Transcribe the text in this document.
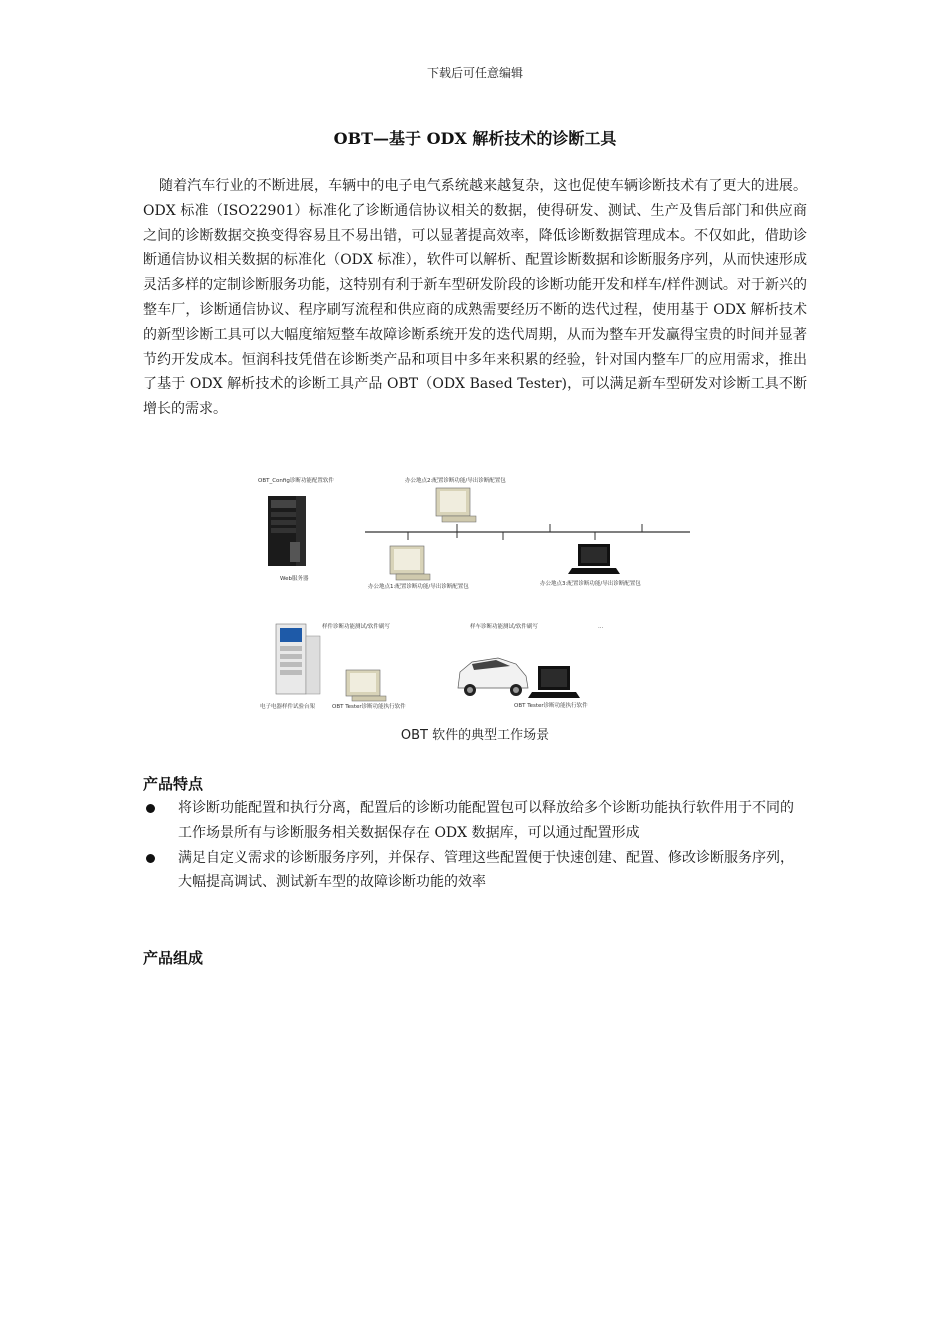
下载后可任意编辑
OBT—基于 ODX 解析技术的诊断工具

随着汽车行业的不断进展，车辆中的电子电气系统越来越复杂，这也促使车辆诊断技术有了更大的进展。ODX 标准（ISO22901）标准化了诊断通信协议相关的数据，使得研发、测试、生产及售后部门和供应商之间的诊断数据交换变得容易且不易出错，可以显著提高效率，降低诊断数据管理成本。不仅如此，借助诊断通信协议相关数据的标准化（ODX 标准），软件可以解析、配置诊断数据和诊断服务序列，从而快速形成灵活多样的定制诊断服务功能，这特别有利于新车型研发阶段的诊断功能开发和样车/样件测试。对于新兴的整车厂，诊断通信协议、程序刷写流程和供应商的成熟需要经历不断的迭代过程，使用基于 ODX 解析技术的新型诊断工具可以大幅度缩短整车故障诊断系统开发的迭代周期，从而为整车开发赢得宝贵的时间并显著节约开发成本。恒润科技凭借在诊断类产品和项目中多年来积累的经验，针对国内整车厂的应用需求，推出了基于 ODX 解析技术的诊断工具产品 OBT（ODX Based Tester)，可以满足新车型研发对诊断工具不断增长的需求。

OBT_Config诊断功能配置软件
Web服务器
办公地点2:配置诊断功能/导出诊断配置包
办公地点1:配置诊断功能/导出诊断配置包	办公地点3:配置诊断功能/导出诊断配置包
电子电器样件试验台架
样件诊断功能测试/软件刷写
OBT Tester诊断功能执行软件
样车诊断功能测试/软件刷写	...
OBT Tester诊断功能执行软件
OBT 软件的典型工作场景
产品特点
将诊断功能配置和执行分离，配置后的诊断功能配置包可以释放给多个诊断功能执行软件用于不同的工作场景所有与诊断服务相关数据保存在 ODX 数据库，可以通过配置形成
满足自定义需求的诊断服务序列，并保存、管理这些配置便于快速创建、配置、修改诊断服务序列，大幅提高调试、测试新车型的故障诊断功能的效率
产品组成
